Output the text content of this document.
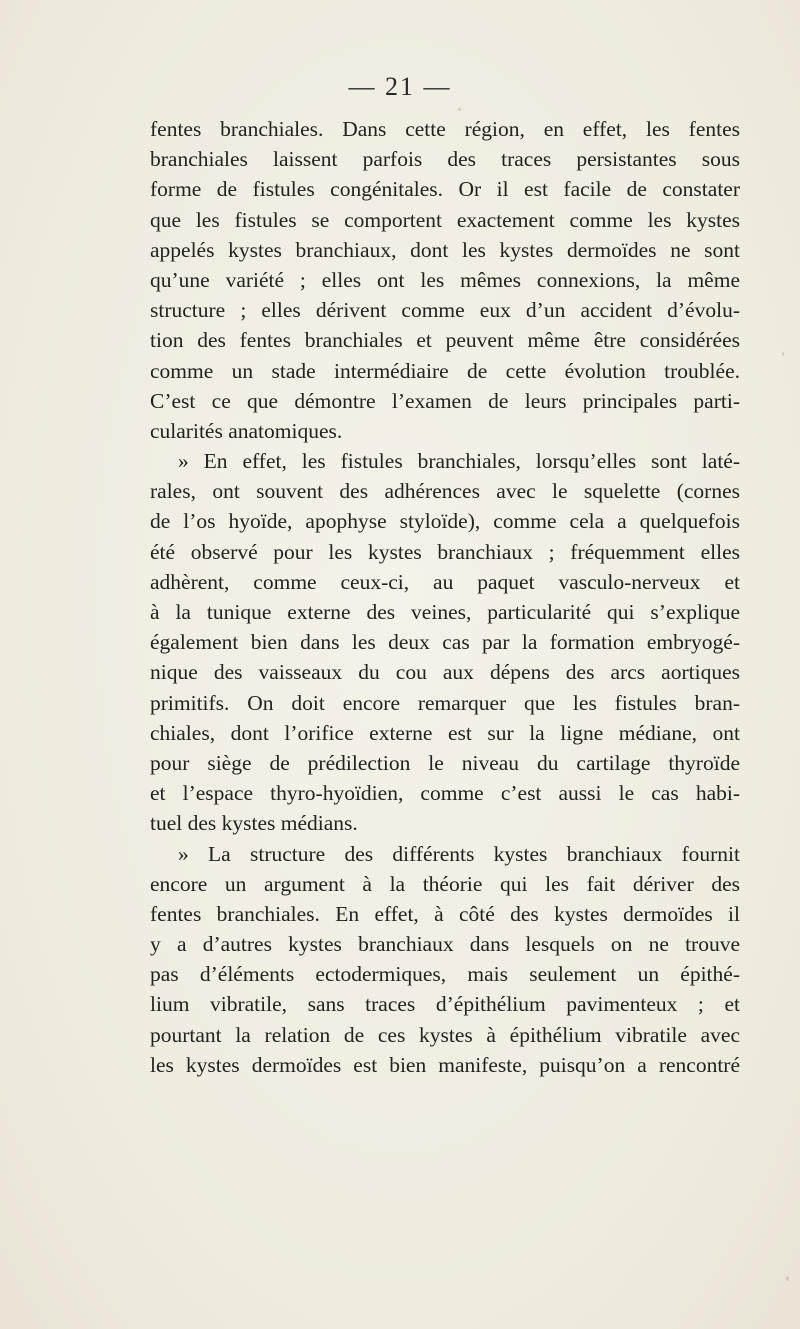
— 21 —
fentes branchiales. Dans cette région, en effet, les fentes
branchiales laissent parfois des traces persistantes sous
forme de fistules congénitales. Or il est facile de constater
que les fistules se comportent exactement comme les kystes
appelés kystes branchiaux, dont les kystes dermoïdes ne sont
qu’une variété ; elles ont les mêmes connexions, la même
structure ; elles dérivent comme eux d’un accident d’évolu-
tion des fentes branchiales et peuvent même être considérées
comme un stade intermédiaire de cette évolution troublée.
C’est ce que démontre l’examen de leurs principales parti-
cularités anatomiques.
» En effet, les fistules branchiales, lorsqu’elles sont laté-
rales, ont souvent des adhérences avec le squelette (cornes
de l’os hyoïde, apophyse styloïde), comme cela a quelquefois
été observé pour les kystes branchiaux ; fréquemment elles
adhèrent, comme ceux-ci, au paquet vasculo-nerveux et
à la tunique externe des veines, particularité qui s’explique
également bien dans les deux cas par la formation embryogé-
nique des vaisseaux du cou aux dépens des arcs aortiques
primitifs. On doit encore remarquer que les fistules bran-
chiales, dont l’orifice externe est sur la ligne médiane, ont
pour siège de prédilection le niveau du cartilage thyroïde
et l’espace thyro-hyoïdien, comme c’est aussi le cas habi-
tuel des kystes médians.
» La structure des différents kystes branchiaux fournit
encore un argument à la théorie qui les fait dériver des
fentes branchiales. En effet, à côté des kystes dermoïdes il
y a d’autres kystes branchiaux dans lesquels on ne trouve
pas d’éléments ectodermiques, mais seulement un épithé-
lium vibratile, sans traces d’épithélium pavimenteux ; et
pourtant la relation de ces kystes à épithélium vibratile avec
les kystes dermoïdes est bien manifeste, puisqu’on a rencontré
